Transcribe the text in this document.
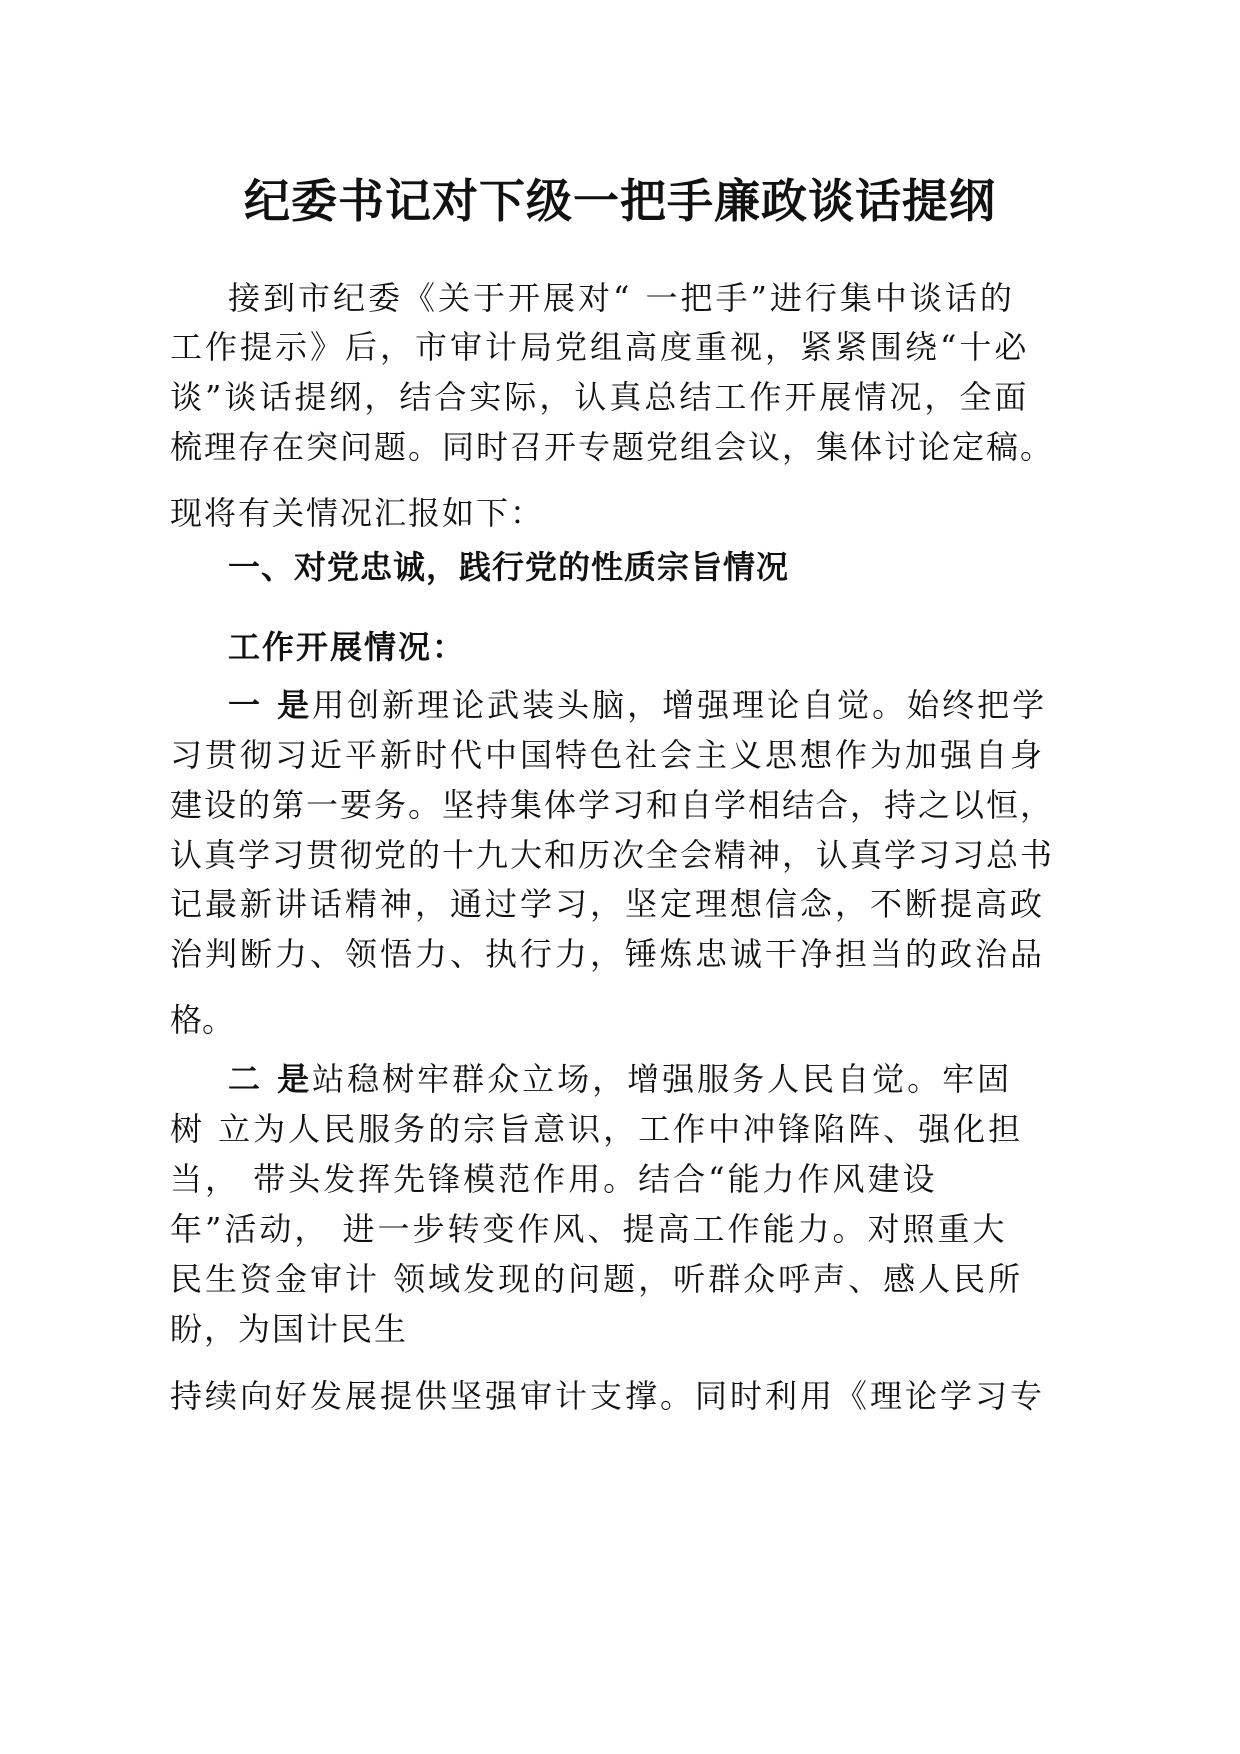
纪委书记对下级一把手廉政谈话提纲

接到市纪委《关于开展对“ 一把手”进行集中谈话的

工作提示》后，市审计局党组高度重视，紧紧围绕“十必

谈”谈话提纲，结合实际，认真总结工作开展情况，全面

梳理存在突问题。同时召开专题党组会议，集体讨论定稿。

现将有关情况汇报如下：

一、对党忠诚，践行党的性质宗旨情况

工作开展情况：

一 是用创新理论武装头脑，增强理论自觉。始终把学

习贯彻习近平新时代中国特色社会主义思想作为加强自身

建设的第一要务。坚持集体学习和自学相结合，持之以恒，

认真学习贯彻党的十九大和历次全会精神，认真学习习总书

记最新讲话精神，通过学习，坚定理想信念，不断提高政

治判断力、领悟力、执行力，锤炼忠诚干净担当的政治品

格。

二 是站稳树牢群众立场，增强服务人民自觉。牢固

树 立为人民服务的宗旨意识，工作中冲锋陷阵、强化担

当， 带头发挥先锋模范作用。结合“能力作风建设

年”活动， 进一步转变作风、提高工作能力。对照重大

民生资金审计 领域发现的问题，听群众呼声、感人民所

盼，为国计民生

持续向好发展提供坚强审计支撑。同时利用《理论学习专
